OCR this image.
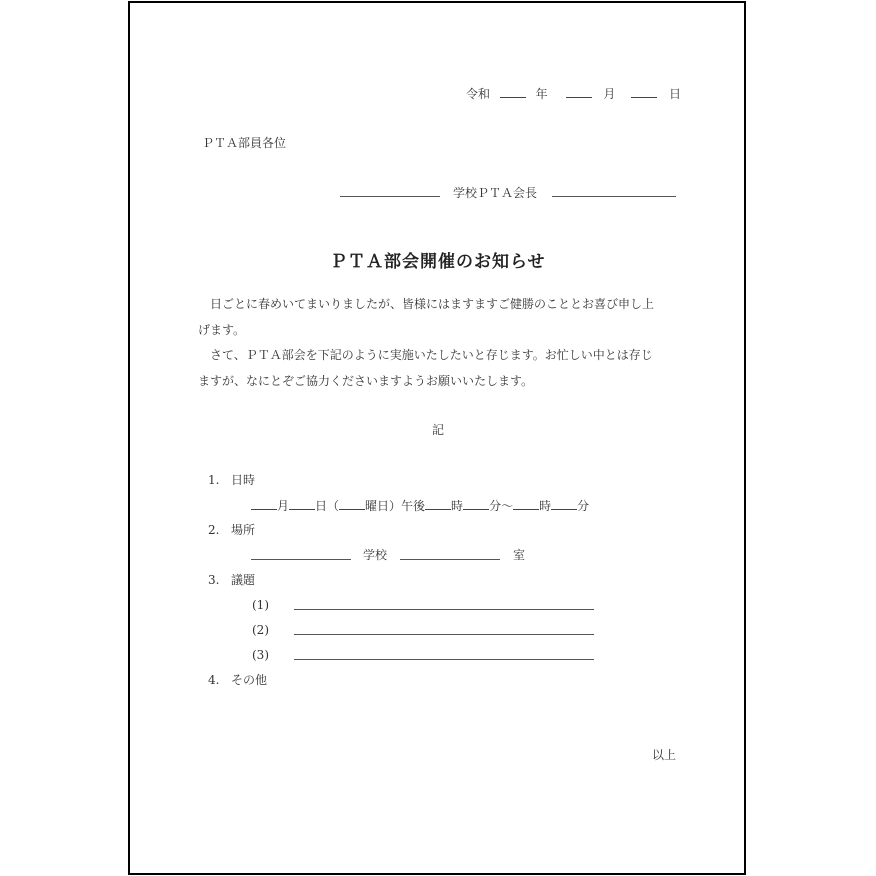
令和	年	月	日
ＰＴＡ部員各位
学校ＰＴＡ会長
ＰＴＡ部会開催のお知らせ
日ごとに春めいてまいりましたが、皆様にはますますご健勝のこととお喜び申し上
げます。
さて、ＰＴＡ部会を下記のように実施いたしたいと存じます。お忙しい中とは存じ
ますが、なにとぞご協力くださいますようお願いいたします。
記
1. 日時
月 日（ 曜日）午後 時 分～ 時 分
2. 場所
学校	室
3. 議題
(1)
(2)
(3)
4. その他
以上
